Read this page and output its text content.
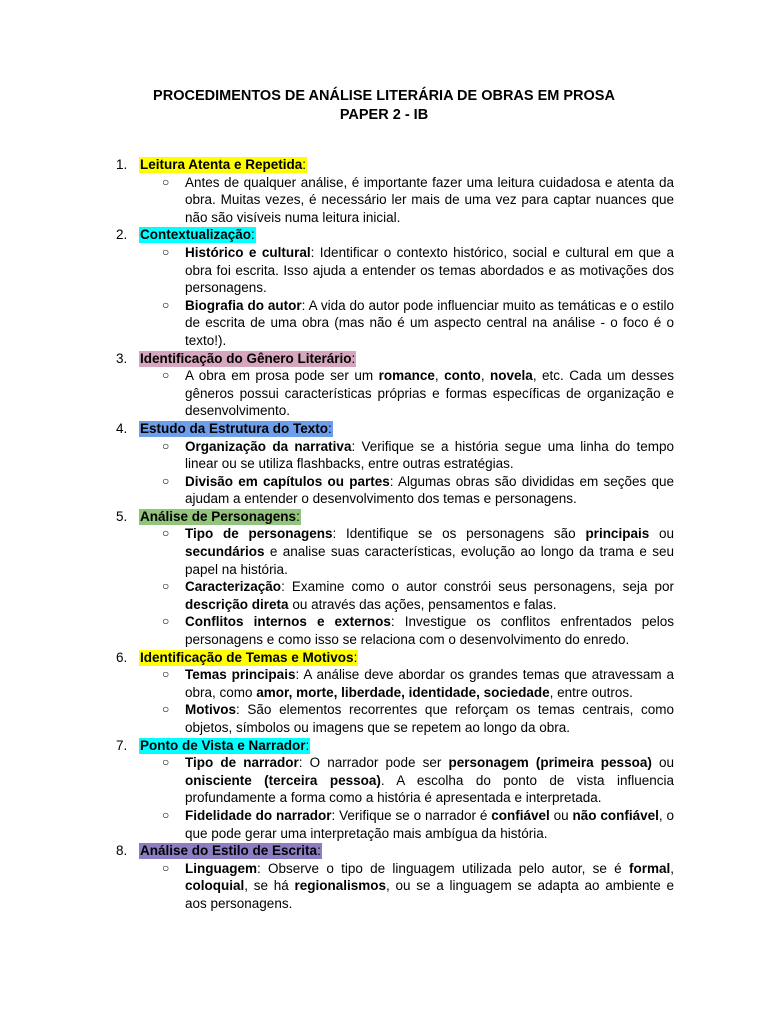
PROCEDIMENTOS DE ANÁLISE LITERÁRIA DE OBRAS EM PROSA
PAPER 2 - IB
1. Leitura Atenta e Repetida:
○ Antes de qualquer análise, é importante fazer uma leitura cuidadosa e atenta da obra. Muitas vezes, é necessário ler mais de uma vez para captar nuances que não são visíveis numa leitura inicial.
2. Contextualização:
○ Histórico e cultural: Identificar o contexto histórico, social e cultural em que a obra foi escrita. Isso ajuda a entender os temas abordados e as motivações dos personagens.
○ Biografia do autor: A vida do autor pode influenciar muito as temáticas e o estilo de escrita de uma obra (mas não é um aspecto central na análise - o foco é o texto!).
3. Identificação do Gênero Literário:
○ A obra em prosa pode ser um romance, conto, novela, etc. Cada um desses gêneros possui características próprias e formas específicas de organização e desenvolvimento.
4. Estudo da Estrutura do Texto:
○ Organização da narrativa: Verifique se a história segue uma linha do tempo linear ou se utiliza flashbacks, entre outras estratégias.
○ Divisão em capítulos ou partes: Algumas obras são divididas em seções que ajudam a entender o desenvolvimento dos temas e personagens.
5. Análise de Personagens:
○ Tipo de personagens: Identifique se os personagens são principais ou secundários e analise suas características, evolução ao longo da trama e seu papel na história.
○ Caracterização: Examine como o autor constrói seus personagens, seja por descrição direta ou através das ações, pensamentos e falas.
○ Conflitos internos e externos: Investigue os conflitos enfrentados pelos personagens e como isso se relaciona com o desenvolvimento do enredo.
6. Identificação de Temas e Motivos:
○ Temas principais: A análise deve abordar os grandes temas que atravessam a obra, como amor, morte, liberdade, identidade, sociedade, entre outros.
○ Motivos: São elementos recorrentes que reforçam os temas centrais, como objetos, símbolos ou imagens que se repetem ao longo da obra.
7. Ponto de Vista e Narrador:
○ Tipo de narrador: O narrador pode ser personagem (primeira pessoa) ou onisciente (terceira pessoa). A escolha do ponto de vista influencia profundamente a forma como a história é apresentada e interpretada.
○ Fidelidade do narrador: Verifique se o narrador é confiável ou não confiável, o que pode gerar uma interpretação mais ambígua da história.
8. Análise do Estilo de Escrita:
○ Linguagem: Observe o tipo de linguagem utilizada pelo autor, se é formal, coloquial, se há regionalismos, ou se a linguagem se adapta ao ambiente e aos personagens.
